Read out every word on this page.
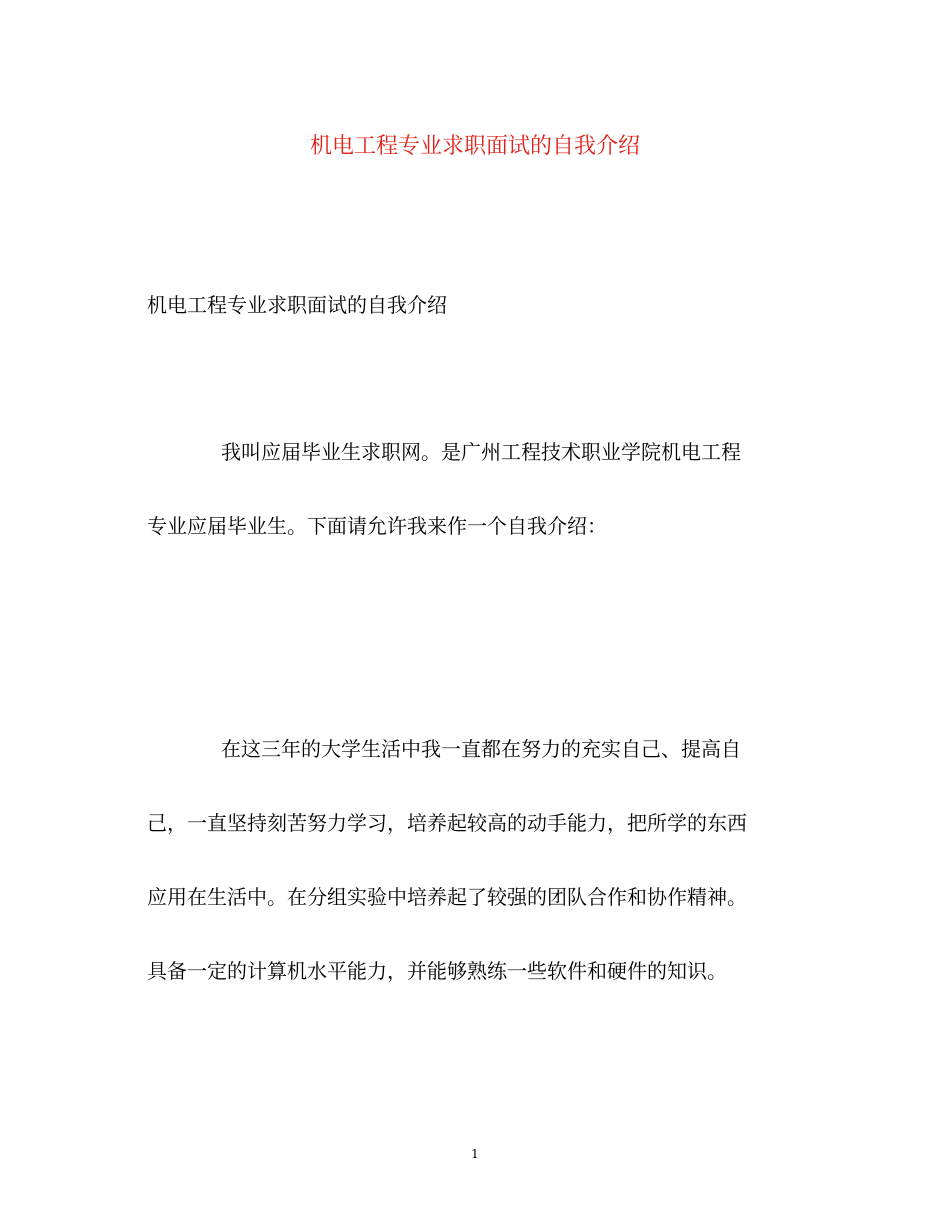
机电工程专业求职面试的自我介绍

机电工程专业求职面试的自我介绍

我叫应届毕业生求职网。是广州工程技术职业学院机电工程
专业应届毕业生。下面请允许我来作一个自我介绍：

在这三年的大学生活中我一直都在努力的充实自己、提高自
己，一直坚持刻苦努力学习，培养起较高的动手能力，把所学的东西
应用在生活中。在分组实验中培养起了较强的团队合作和协作精神。
具备一定的计算机水平能力，并能够熟练一些软件和硬件的知识。

1
